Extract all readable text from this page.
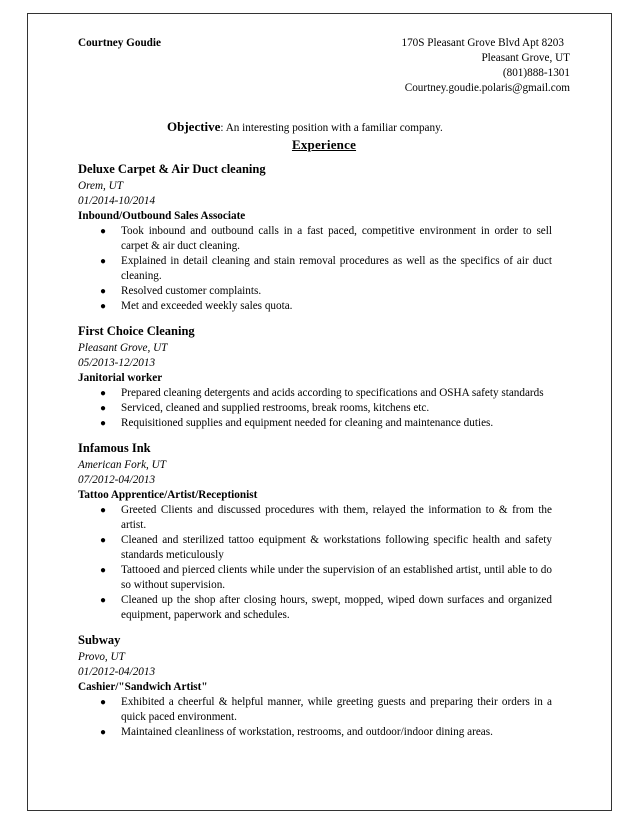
Courtney Goudie	170S Pleasant Grove Blvd Apt 8203
Pleasant Grove, UT
(801)888-1301
Courtney.goudie.polaris@gmail.com
Objective: An interesting position with a familiar company.
Experience
Deluxe Carpet & Air Duct cleaning
Orem, UT
01/2014-10/2014
Inbound/Outbound Sales Associate
● Took inbound and outbound calls in a fast paced, competitive environment in order to sell carpet & air duct cleaning.
● Explained in detail cleaning and stain removal procedures as well as the specifics of air duct cleaning.
● Resolved customer complaints.
● Met and exceeded weekly sales quota.
First Choice Cleaning
Pleasant Grove, UT
05/2013-12/2013
Janitorial worker
● Prepared cleaning detergents and acids according to specifications and OSHA safety standards
● Serviced, cleaned and supplied restrooms, break rooms, kitchens etc.
● Requisitioned supplies and equipment needed for cleaning and maintenance duties.
Infamous Ink
American Fork, UT
07/2012-04/2013
Tattoo Apprentice/Artist/Receptionist
● Greeted Clients and discussed procedures with them, relayed the information to & from the artist.
● Cleaned and sterilized tattoo equipment & workstations following specific health and safety standards meticulously
● Tattooed and pierced clients while under the supervision of an established artist, until able to do so without supervision.
● Cleaned up the shop after closing hours, swept, mopped, wiped down surfaces and organized equipment, paperwork and schedules.
Subway
Provo, UT
01/2012-04/2013
Cashier/"Sandwich Artist"
● Exhibited a cheerful & helpful manner, while greeting guests and preparing their orders in a quick paced environment.
● Maintained cleanliness of workstation, restrooms, and outdoor/indoor dining areas.
